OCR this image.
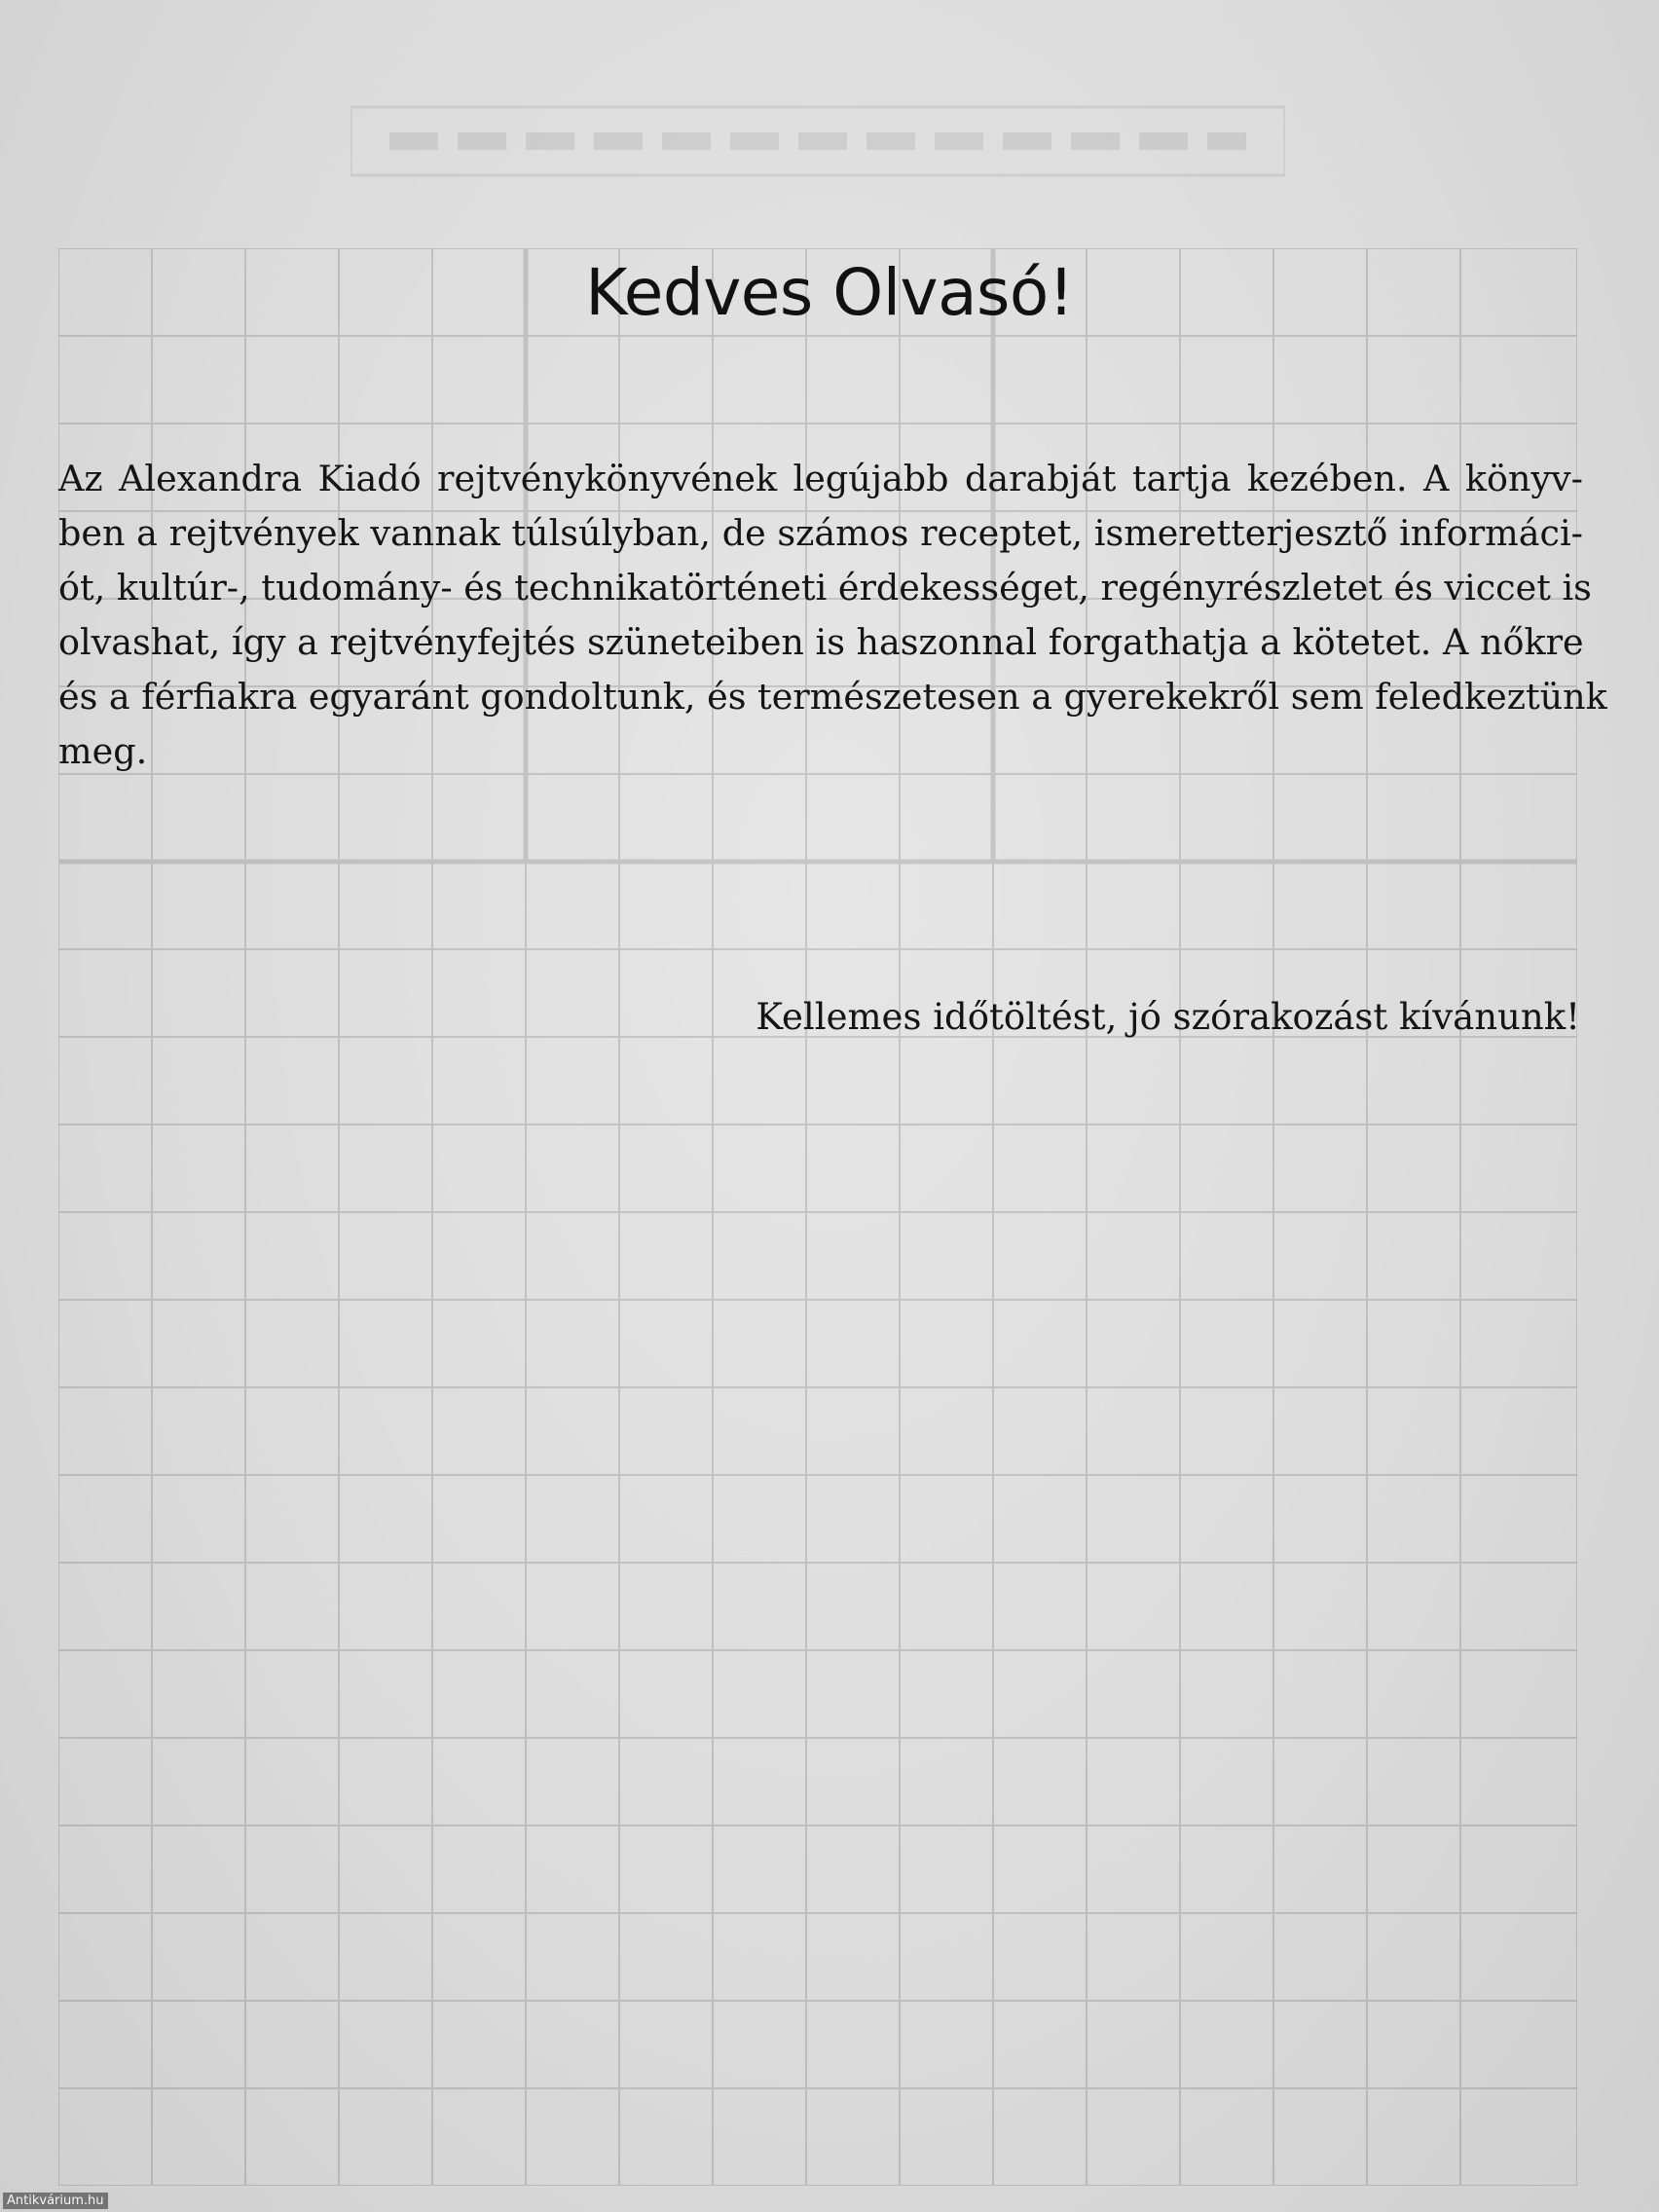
Kedves Olvasó!

Az Alexandra Kiadó rejtvénykönyvének legújabb darabját tartja kezében. A könyv-
ben a rejtvények vannak túlsúlyban, de számos receptet, ismeretterjesztő informáci-
ót, kultúr-, tudomány- és technikatörténeti érdekességet, regényrészletet és viccet is
olvashat, így a rejtvényfejtés szüneteiben is haszonnal forgathatja a kötetet. A nőkre
és a férfiakra egyaránt gondoltunk, és természetesen a gyerekekről sem feledkeztünk
meg.

Kellemes időtöltést, jó szórakozást kívánunk!

Antikvárium.hu
